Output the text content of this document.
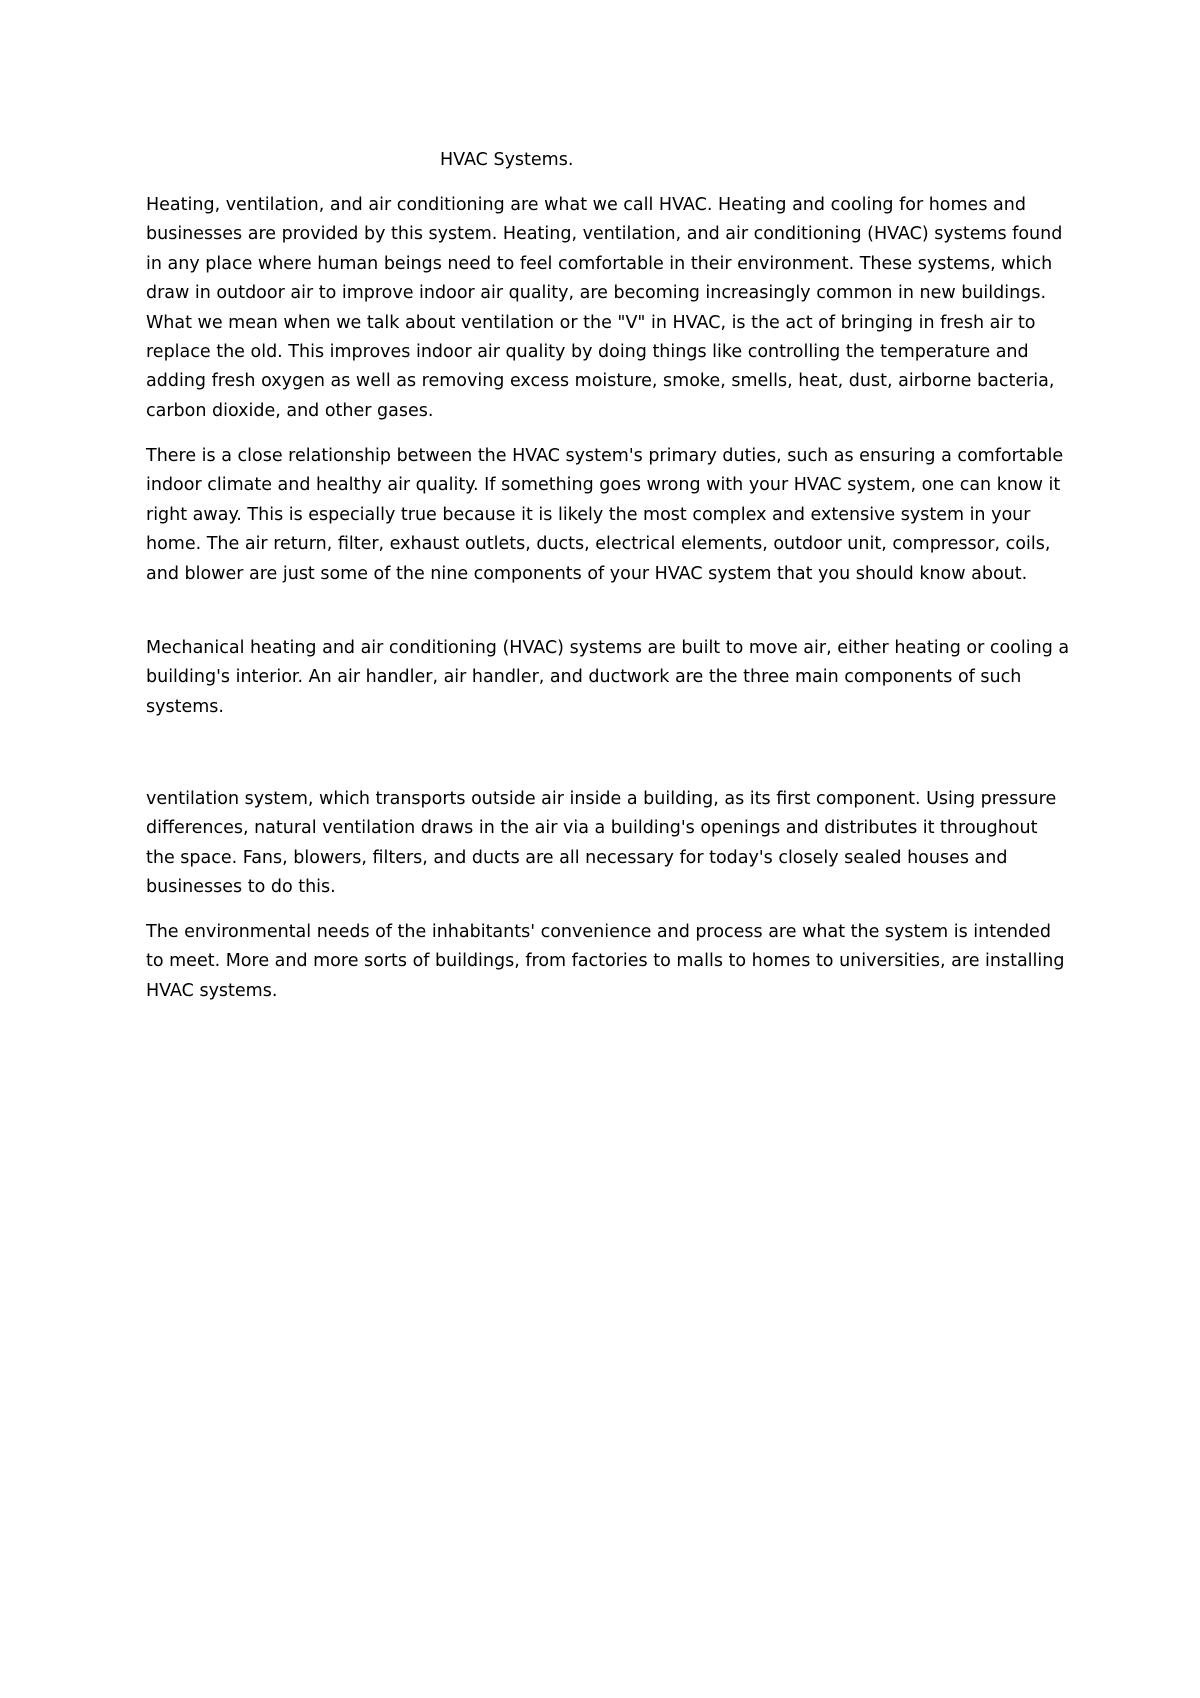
HVAC Systems.

Heating, ventilation, and air conditioning are what we call HVAC. Heating and cooling for homes and businesses are provided by this system. Heating, ventilation, and air conditioning (HVAC) systems found in any place where human beings need to feel comfortable in their environment. These systems, which draw in outdoor air to improve indoor air quality, are becoming increasingly common in new buildings. What we mean when we talk about ventilation or the "V" in HVAC, is the act of bringing in fresh air to replace the old. This improves indoor air quality by doing things like controlling the temperature and adding fresh oxygen as well as removing excess moisture, smoke, smells, heat, dust, airborne bacteria, carbon dioxide, and other gases.

There is a close relationship between the HVAC system's primary duties, such as ensuring a comfortable indoor climate and healthy air quality. If something goes wrong with your HVAC system, one can know it right away. This is especially true because it is likely the most complex and extensive system in your home. The air return, filter, exhaust outlets, ducts, electrical elements, outdoor unit, compressor, coils, and blower are just some of the nine components of your HVAC system that you should know about.

Mechanical heating and air conditioning (HVAC) systems are built to move air, either heating or cooling a building's interior. An air handler, air handler, and ductwork are the three main components of such systems.

ventilation system, which transports outside air inside a building, as its first component. Using pressure differences, natural ventilation draws in the air via a building's openings and distributes it throughout the space. Fans, blowers, filters, and ducts are all necessary for today's closely sealed houses and businesses to do this.

The environmental needs of the inhabitants' convenience and process are what the system is intended to meet. More and more sorts of buildings, from factories to malls to homes to universities, are installing HVAC systems.
